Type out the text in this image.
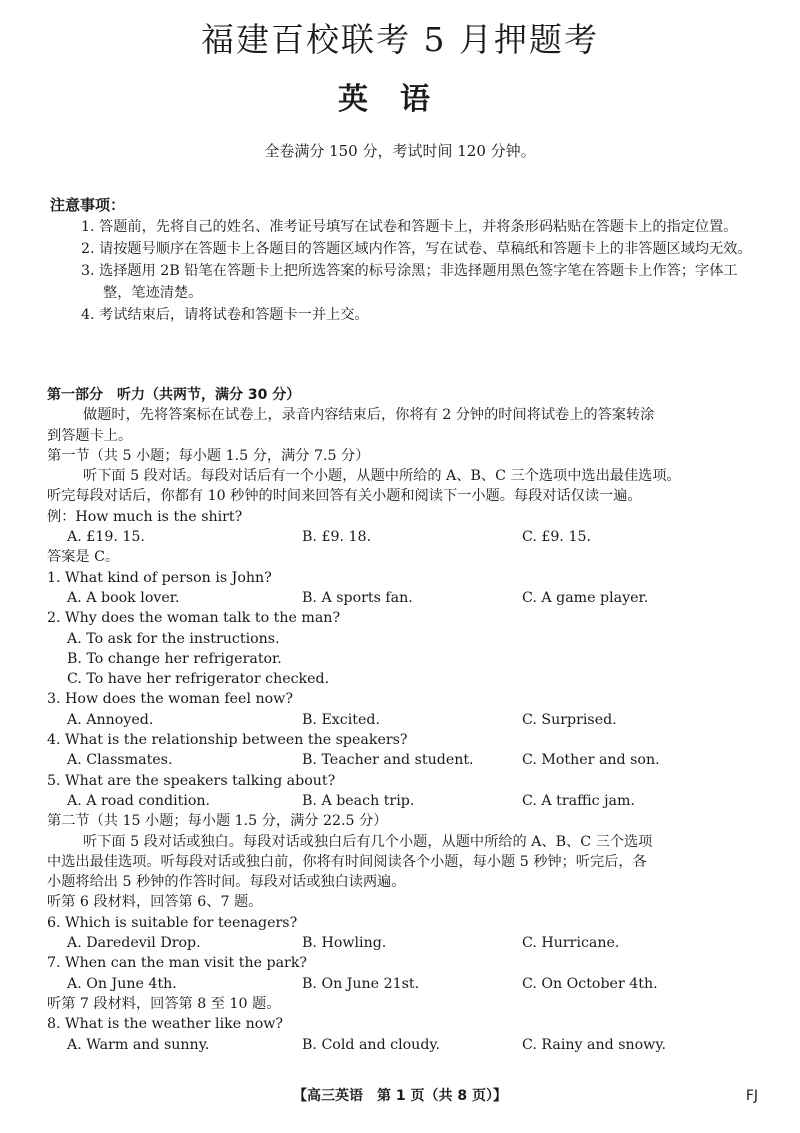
福建百校联考 5 月押题考
英语
全卷满分 150 分，考试时间 120 分钟。
注意事项：
1. 答题前，先将自己的姓名、准考证号填写在试卷和答题卡上，并将条形码粘贴在答题卡上的指定位置。
2. 请按题号顺序在答题卡上各题目的答题区域内作答，写在试卷、草稿纸和答题卡上的非答题区域均无效。
3. 选择题用 2B 铅笔在答题卡上把所选答案的标号涂黑；非选择题用黑色签字笔在答题卡上作答；字体工整，笔迹清楚。
4. 考试结束后，请将试卷和答题卡一并上交。
第一部分　听力（共两节，满分 30 分）
做题时，先将答案标在试卷上，录音内容结束后，你将有 2 分钟的时间将试卷上的答案转涂
到答题卡上。
第一节（共 5 小题；每小题 1.5 分，满分 7.5 分）
听下面 5 段对话。每段对话后有一个小题，从题中所给的 A、B、C 三个选项中选出最佳选项。
听完每段对话后，你都有 10 秒钟的时间来回答有关小题和阅读下一小题。每段对话仅读一遍。
例：How much is the shirt?
A. £19. 15.	B. £9. 18.	C. £9. 15.
答案是 C。
1. What kind of person is John?
A. A book lover.	B. A sports fan.	C. A game player.
2. Why does the woman talk to the man?
A. To ask for the instructions.
B. To change her refrigerator.
C. To have her refrigerator checked.
3. How does the woman feel now?
A. Annoyed.	B. Excited.	C. Surprised.
4. What is the relationship between the speakers?
A. Classmates.	B. Teacher and student.	C. Mother and son.
5. What are the speakers talking about?
A. A road condition.	B. A beach trip.	C. A traffic jam.
第二节（共 15 小题；每小题 1.5 分，满分 22.5 分）
听下面 5 段对话或独白。每段对话或独白后有几个小题，从题中所给的 A、B、C 三个选项
中选出最佳选项。听每段对话或独白前，你将有时间阅读各个小题，每小题 5 秒钟；听完后，各
小题将给出 5 秒钟的作答时间。每段对话或独白读两遍。
听第 6 段材料，回答第 6、7 题。
6. Which is suitable for teenagers?
A. Daredevil Drop.	B. Howling.	C. Hurricane.
7. When can the man visit the park?
A. On June 4th.	B. On June 21st.	C. On October 4th.
听第 7 段材料，回答第 8 至 10 题。
8. What is the weather like now?
A. Warm and sunny.	B. Cold and cloudy.	C. Rainy and snowy.
【高三英语　第 1 页（共 8 页）】	FJ
